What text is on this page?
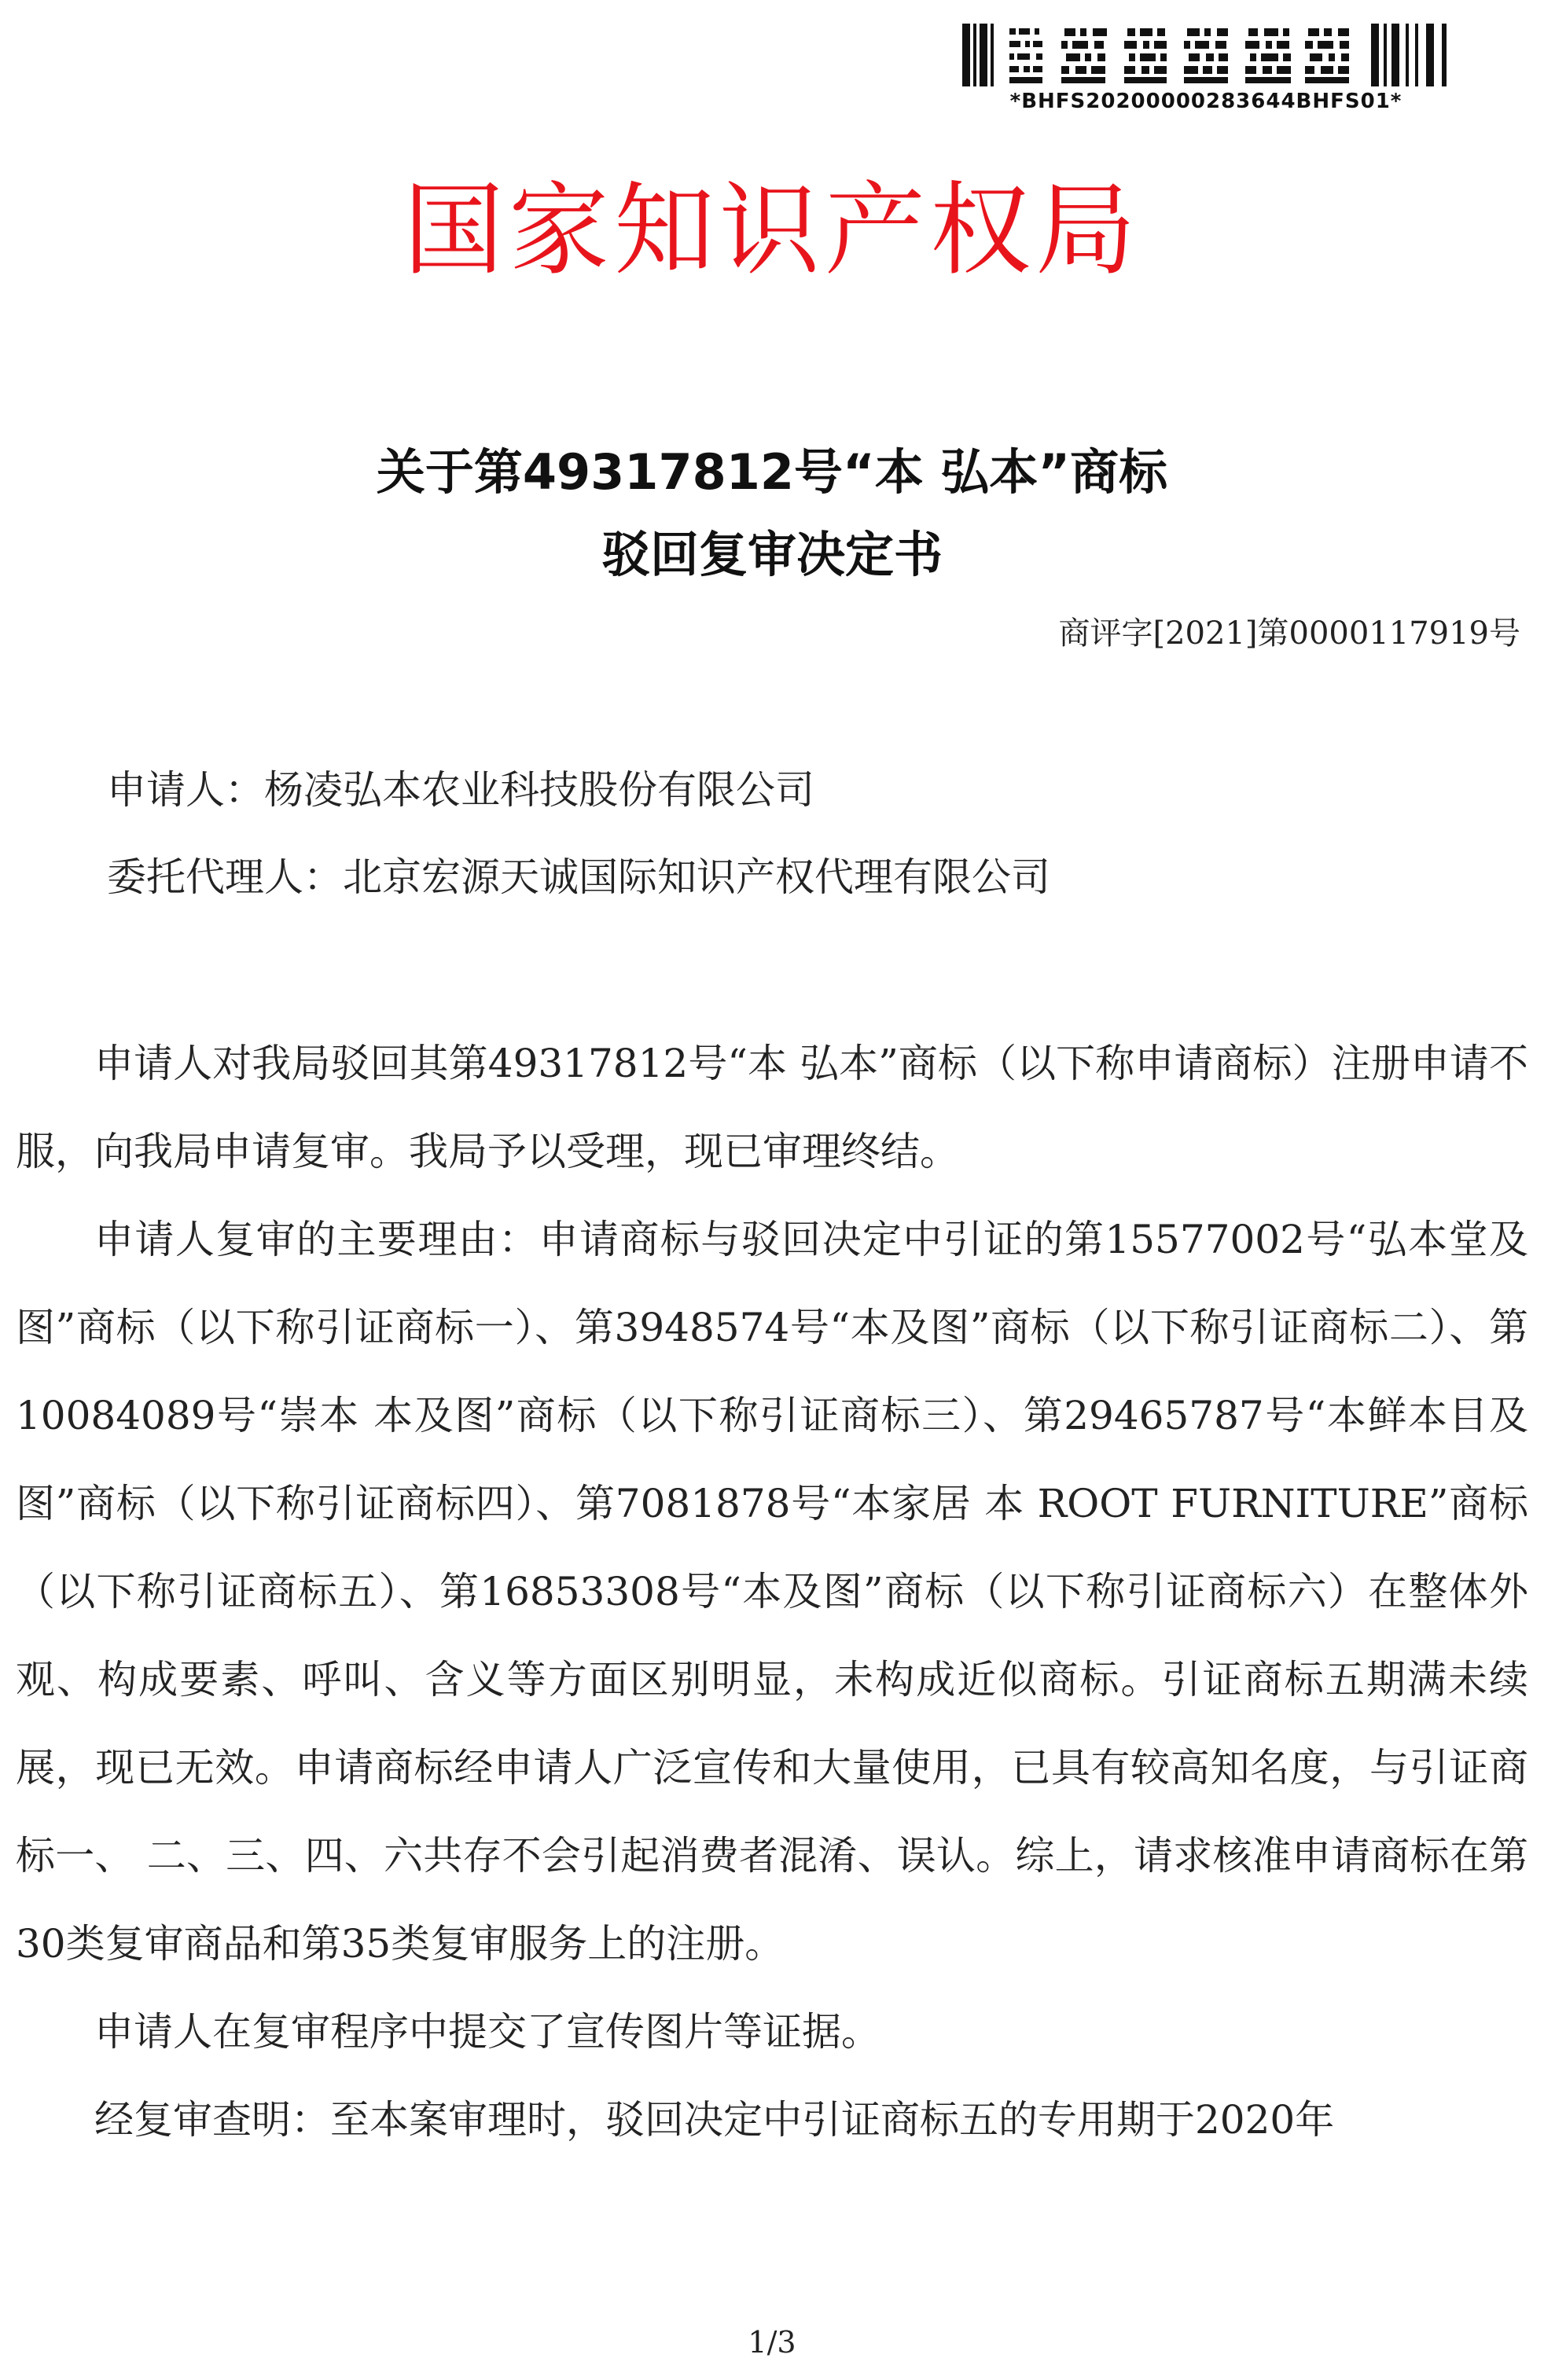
*BHFS20200000283644BHFS01*
国家知识产权局
关于第49317812号“本 弘本”商标
驳回复审决定书
商评字[2021]第0000117919号
申请人：杨凌弘本农业科技股份有限公司
委托代理人：北京宏源天诚国际知识产权代理有限公司

申请人对我局驳回其第49317812号“本 弘本”商标（以下称申请商标）注册申请不服，向我局申请复审。我局予以受理，现已审理终结。

申请人复审的主要理由：申请商标与驳回决定中引证的第15577002号“弘本堂及图”商标（以下称引证商标一）、第3948574号“本及图”商标（以下称引证商标二）、第10084089号“崇本 本及图”商标（以下称引证商标三）、第29465787号“本鲜本目及图”商标（以下称引证商标四）、第7081878号“本家居 本 ROOT FURNITURE”商标（以下称引证商标五）、第16853308号“本及图”商标（以下称引证商标六）在整体外观、构成要素、呼叫、含义等方面区别明显，未构成近似商标。引证商标五期满未续展，现已无效。申请商标经申请人广泛宣传和大量使用，已具有较高知名度，与引证商标一、 二、三、四、六共存不会引起消费者混淆、误认。综上，请求核准申请商标在第30类复审商品和第35类复审服务上的注册。

申请人在复审程序中提交了宣传图片等证据。

经复审查明：至本案审理时，驳回决定中引证商标五的专用期于2020年

1/3
